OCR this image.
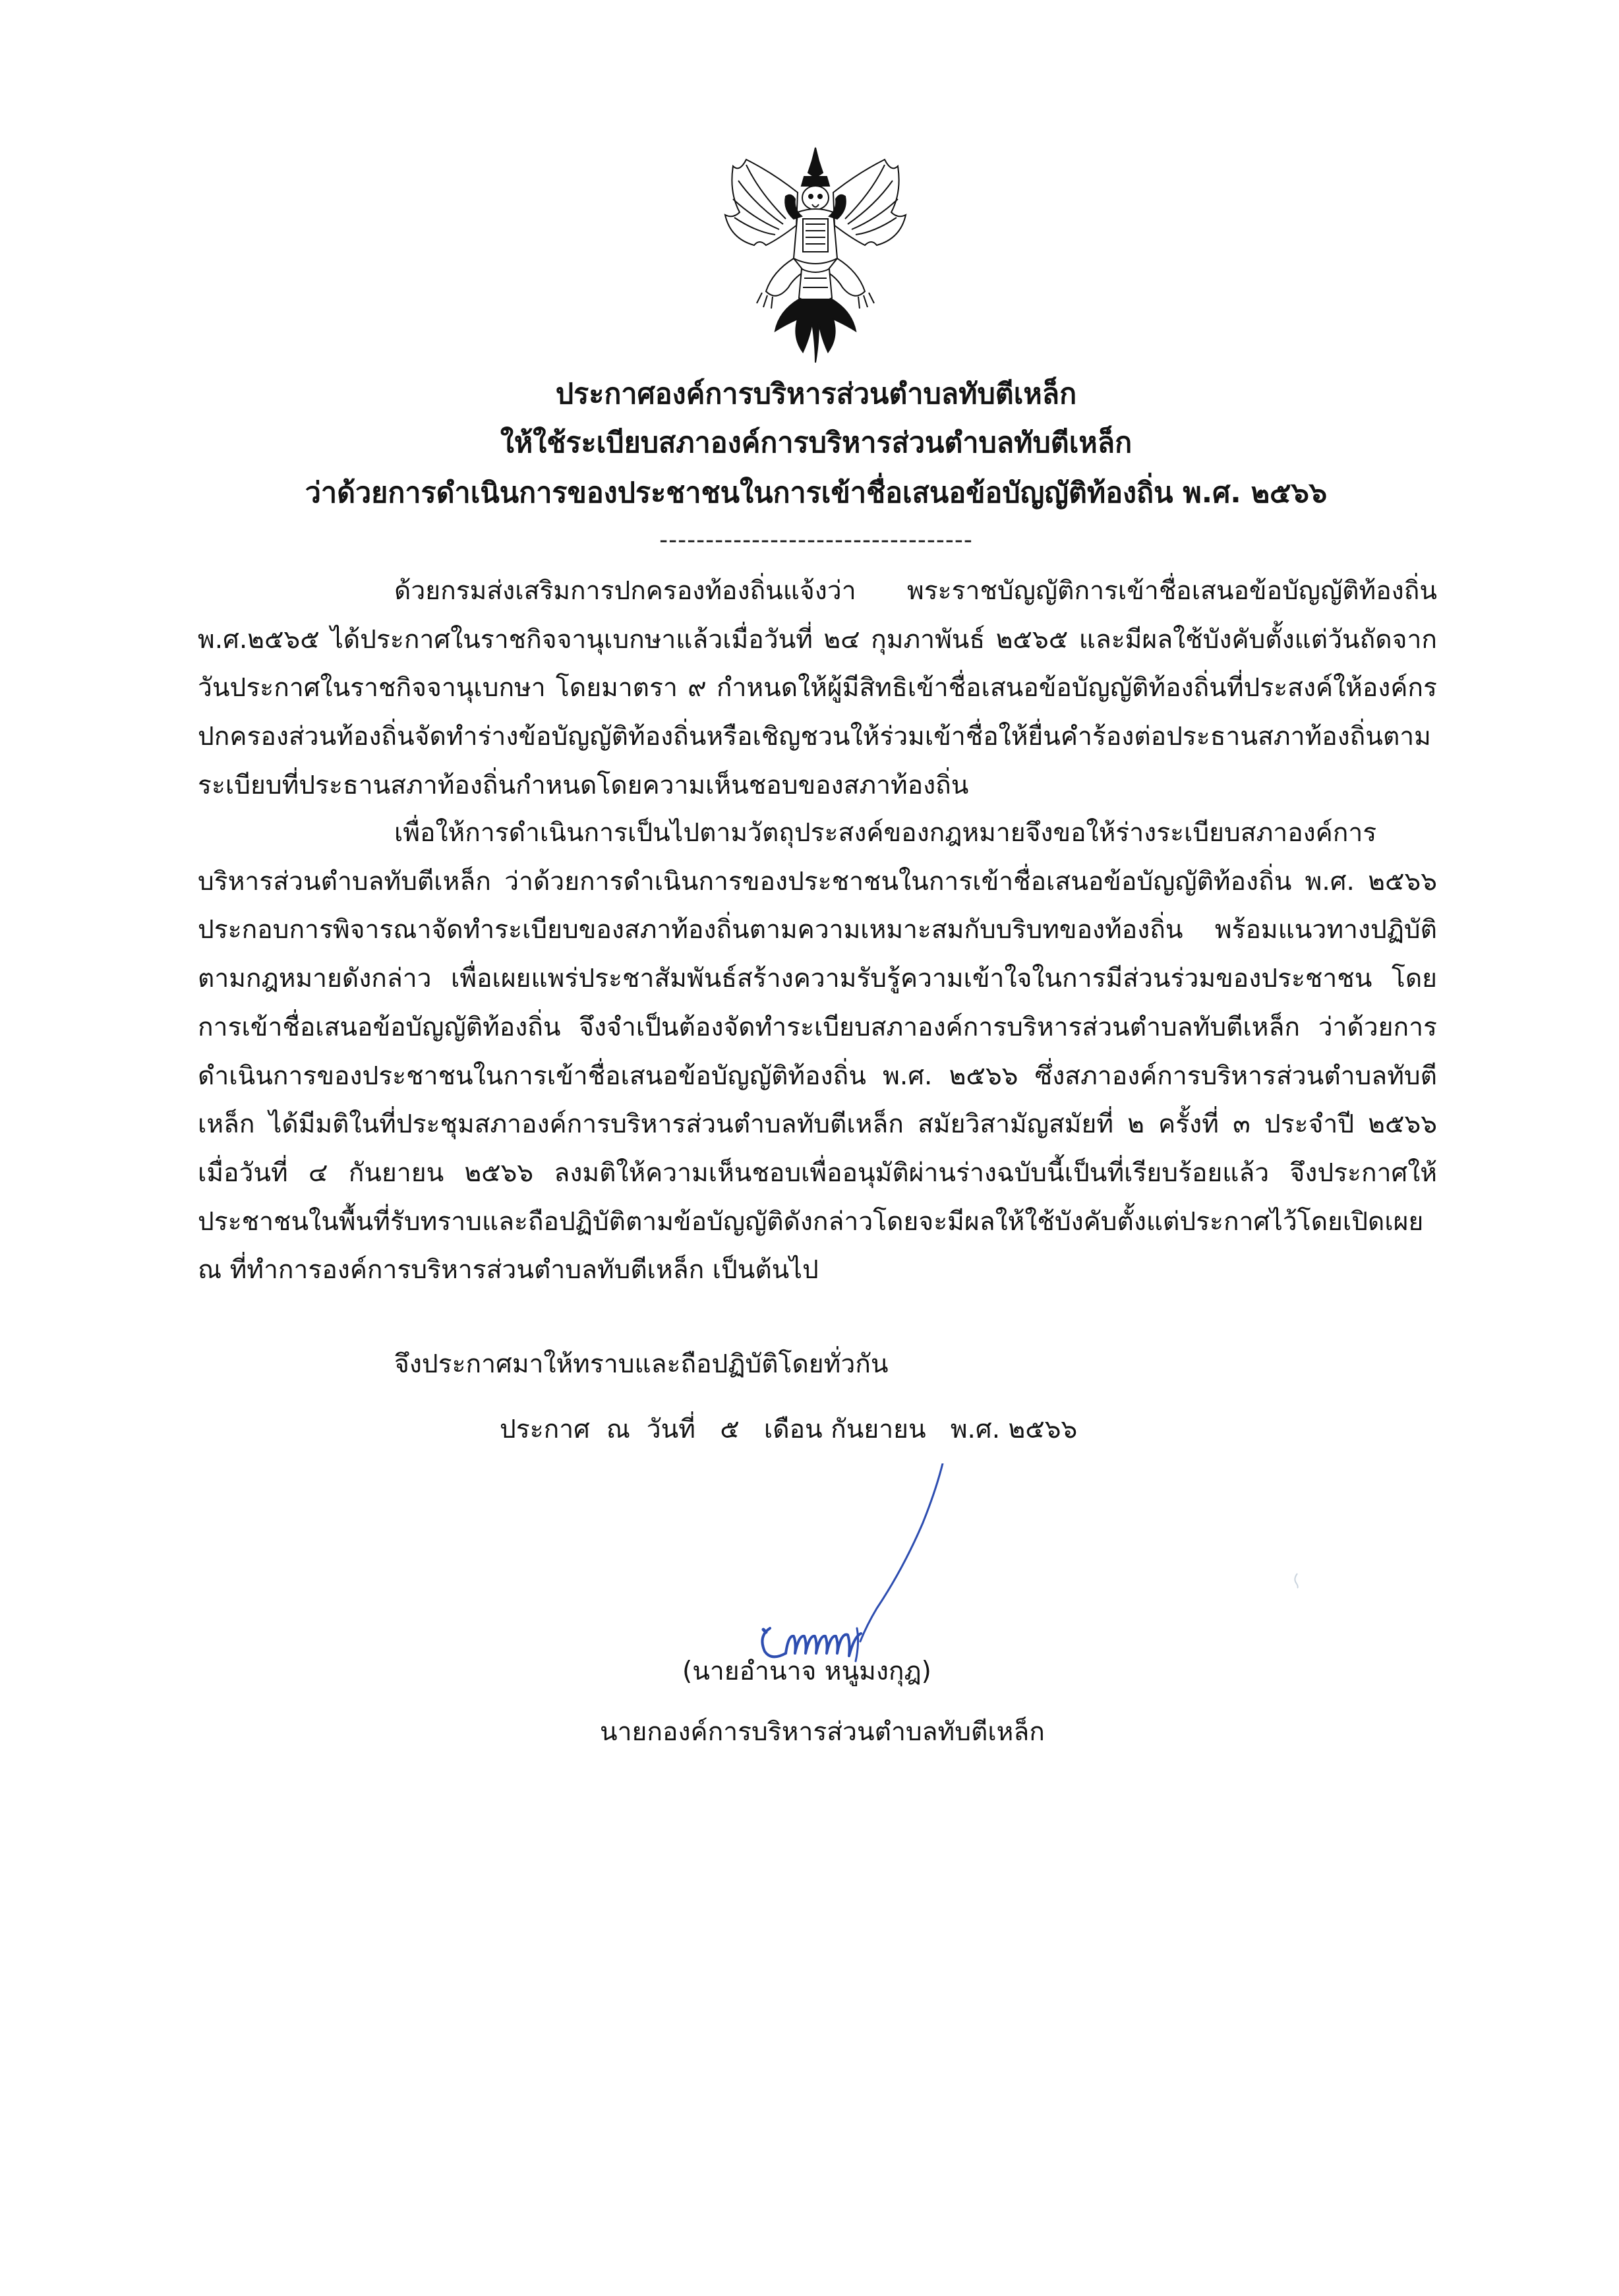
ประกาศองค์การบริหารส่วนตำบลทับตีเหล็ก
ให้ใช้ระเบียบสภาองค์การบริหารส่วนตำบลทับตีเหล็ก
ว่าด้วยการดำเนินการของประชาชนในการเข้าชื่อเสนอข้อบัญญัติท้องถิ่น พ.ศ. ๒๕๖๖
----------------------------------
ด้วยกรมส่งเสริมการปกครองท้องถิ่นแจ้งว่า พระราชบัญญัติการเข้าชื่อเสนอข้อบัญญัติท้องถิ่น พ.ศ.๒๕๖๕ ได้ประกาศในราชกิจจานุเบกษาแล้วเมื่อวันที่ ๒๔ กุมภาพันธ์ ๒๕๖๕ และมีผลใช้บังคับตั้งแต่วันถัดจากวันประกาศในราชกิจจานุเบกษา โดยมาตรา ๙ กำหนดให้ผู้มีสิทธิเข้าชื่อเสนอข้อบัญญัติท้องถิ่นที่ประสงค์ให้องค์กรปกครองส่วนท้องถิ่นจัดทำร่างข้อบัญญัติท้องถิ่นหรือเชิญชวนให้ร่วมเข้าชื่อให้ยื่นคำร้องต่อประธานสภาท้องถิ่นตามระเบียบที่ประธานสภาท้องถิ่นกำหนดโดยความเห็นชอบของสภาท้องถิ่น
เพื่อให้การดำเนินการเป็นไปตามวัตถุประสงค์ของกฎหมายจึงขอให้ร่างระเบียบสภาองค์การบริหารส่วนตำบลทับตีเหล็ก ว่าด้วยการดำเนินการของประชาชนในการเข้าชื่อเสนอข้อบัญญัติท้องถิ่น พ.ศ. ๒๕๖๖ ประกอบการพิจารณาจัดทำระเบียบของสภาท้องถิ่นตามความเหมาะสมกับบริบทของท้องถิ่น พร้อมแนวทางปฏิบัติตามกฎหมายดังกล่าว เพื่อเผยแพร่ประชาสัมพันธ์สร้างความรับรู้ความเข้าใจในการมีส่วนร่วมของประชาชน โดยการเข้าชื่อเสนอข้อบัญญัติท้องถิ่น จึงจำเป็นต้องจัดทำระเบียบสภาองค์การบริหารส่วนตำบลทับตีเหล็ก ว่าด้วยการดำเนินการของประชาชนในการเข้าชื่อเสนอข้อบัญญัติท้องถิ่น พ.ศ. ๒๕๖๖ ซึ่งสภาองค์การบริหารส่วนตำบลทับตีเหล็ก ได้มีมติในที่ประชุมสภาองค์การบริหารส่วนตำบลทับตีเหล็ก สมัยวิสามัญสมัยที่ ๒ ครั้งที่ ๓ ประจำปี ๒๕๖๖ เมื่อวันที่ ๔ กันยายน ๒๕๖๖ ลงมติให้ความเห็นชอบเพื่ออนุมัติผ่านร่างฉบับนี้เป็นที่เรียบร้อยแล้ว จึงประกาศให้ประชาชนในพื้นที่รับทราบและถือปฏิบัติตามข้อบัญญัติดังกล่าวโดยจะมีผลให้ใช้บังคับตั้งแต่ประกาศไว้โดยเปิดเผย ณ ที่ทำการองค์การบริหารส่วนตำบลทับตีเหล็ก เป็นต้นไป
จึงประกาศมาให้ทราบและถือปฏิบัติโดยทั่วกัน
ประกาศ ณ วันที่ ๕ เดือน กันยายน พ.ศ. ๒๕๖๖
(นายอำนาจ หนูมงกุฎ)
นายกองค์การบริหารส่วนตำบลทับตีเหล็ก
